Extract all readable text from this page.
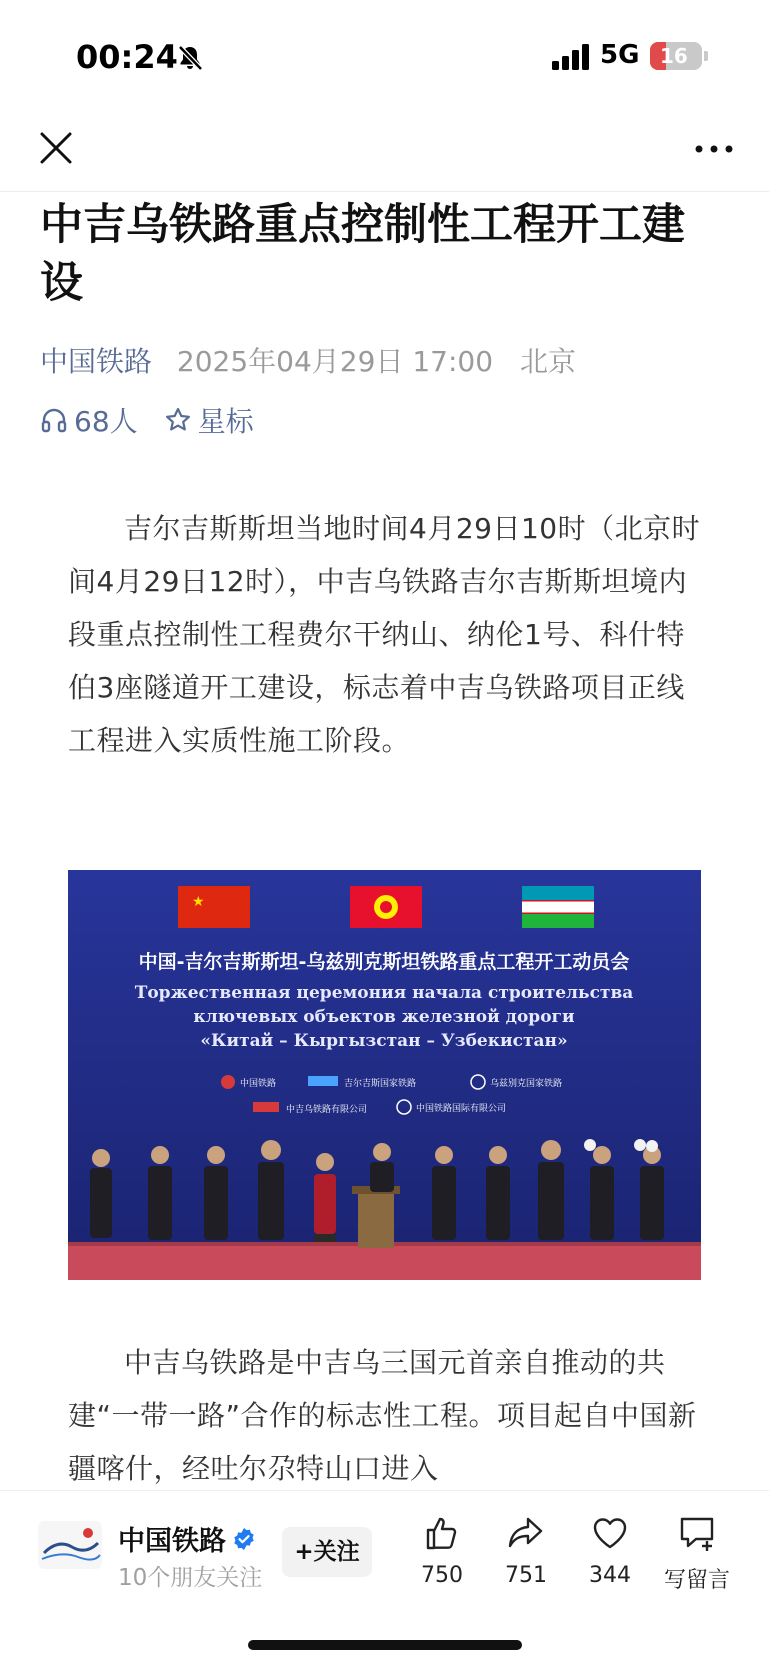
00:24	5G	16
中吉乌铁路重点控制性工程开工建设
中国铁路 2025年04月29日 17:00 北京
68人 星标

吉尔吉斯斯坦当地时间4月29日10时（北京时间4月29日12时），中吉乌铁路吉尔吉斯斯坦境内段重点控制性工程费尔干纳山、纳伦1号、科什特伯3座隧道开工建设，标志着中吉乌铁路项目正线工程进入实质性施工阶段。

★
中国-吉尔吉斯斯坦-乌兹别克斯坦铁路重点工程开工动员会
Торжественная церемония начала строительства
ключевых объектов железной дороги
«Китай – Кыргызстан – Узбекистан»
中国铁路	吉尔吉斯国家铁路	乌兹别克国家铁路
中吉乌铁路有限公司	中国铁路国际有限公司

中吉乌铁路是中吉乌三国元首亲自推动的共建“一带一路”合作的标志性工程。项目起自中国新疆喀什，经吐尔尕特山口进入

中国铁路
10个朋友关注
+关注
750	751	344	写留言
